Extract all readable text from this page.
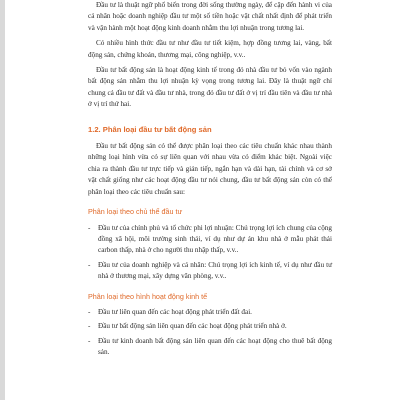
Đầu tư là thuật ngữ phổ biến trong đời sống thường ngày, để cập đến hành vi của cá nhân hoặc doanh nghiệp đầu tư một số tiền hoặc vật chất nhất định để phát triển và vận hành một hoạt động kinh doanh nhằm thu lợi nhuận trong tương lai.

Có nhiều hình thức đầu tư như đầu tư tiết kiệm, hợp đồng tương lai, vàng, bất động sản, chứng khoán, thương mại, công nghiệp, v.v..

Đầu tư bất động sản là hoạt động kinh tế trong đó nhà đầu tư bỏ vốn vào ngành bất động sản nhằm thu lợi nhuận kỳ vọng trong tương lai. Đây là thuật ngữ chỉ chung cả đầu tư đất và đầu tư nhà, trong đó đầu tư đất ở vị trí đầu tiên và đầu tư nhà ở vị trí thứ hai.

1.2. Phân loại đầu tư bất động sản

Đầu tư bất động sản có thể được phân loại theo các tiêu chuẩn khác nhau thành những loại hình vừa có sự liên quan với nhau vừa có điểm khác biệt. Ngoài việc chia ra thành đầu tư trực tiếp và gián tiếp, ngắn hạn và dài hạn, tài chính và cơ sở vật chất giống như các hoạt động đầu tư nói chung, đầu tư bất động sản còn có thể phân loại theo các tiêu chuẩn sau:

Phân loại theo chủ thể đầu tư
- Đầu tư của chính phủ và tổ chức phi lợi nhuận: Chú trọng lợi ích chung của cộng đồng xã hội, môi trường sinh thái, ví dụ như dự án khu nhà ở mẫu phát thải carbon thấp, nhà ở cho người thu nhập thấp, v.v..
- Đầu tư của doanh nghiệp và cá nhân: Chú trọng lợi ích kinh tế, ví dụ như đầu tư nhà ở thương mại, xây dựng văn phòng, v.v..
Phân loại theo hình hoạt động kinh tế
- Đầu tư liên quan đến các hoạt động phát triển đất đai.
- Đầu tư bất động sản liên quan đến các hoạt động phát triển nhà ở.
- Đầu tư kinh doanh bất động sản liên quan đến các hoạt động cho thuê bất động sản.
